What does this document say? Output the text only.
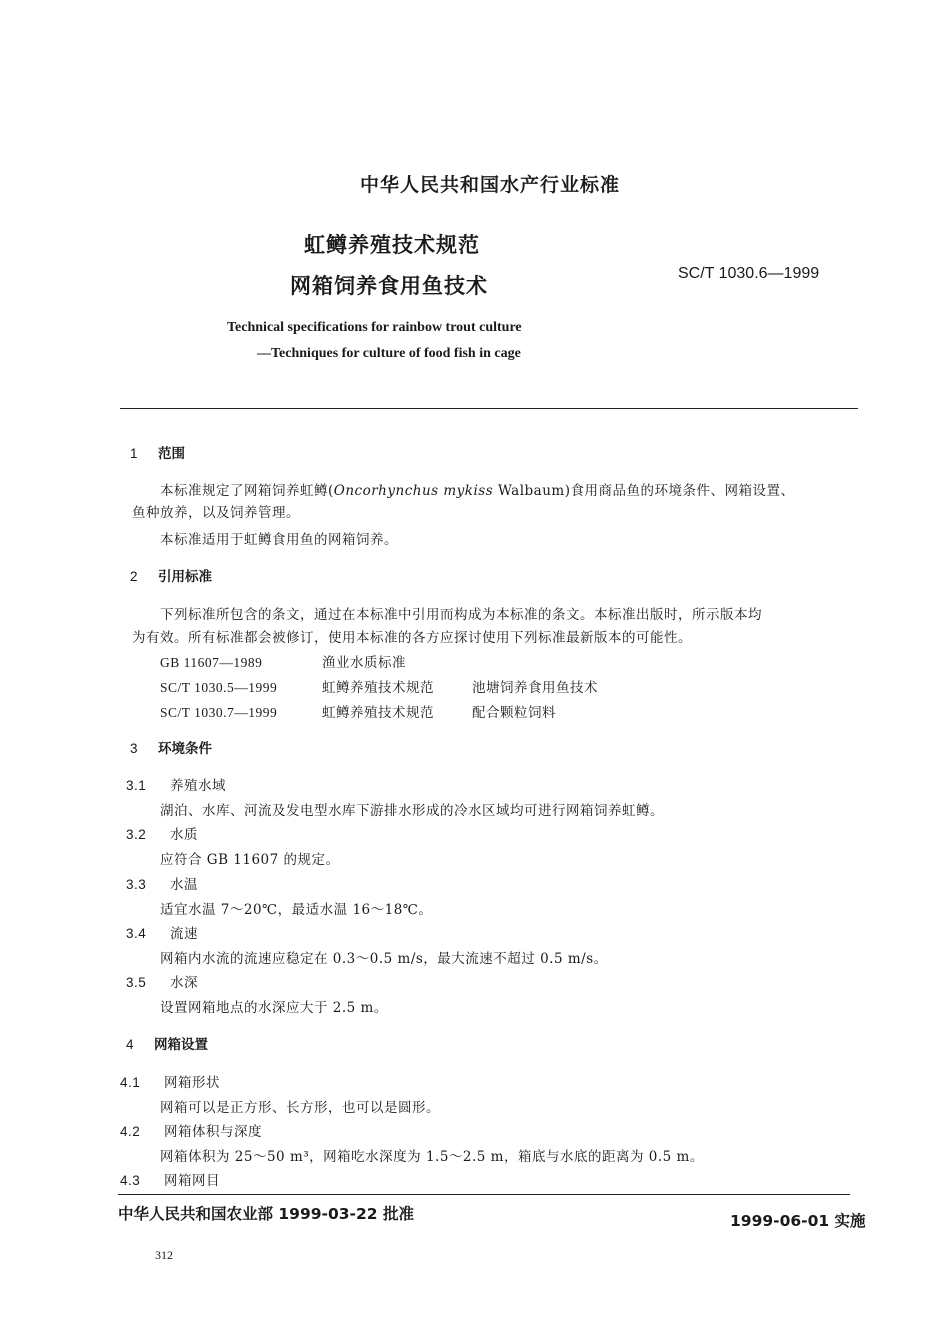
中华人民共和国水产行业标准
虹鳟养殖技术规范
网箱饲养食用鱼技术
SC/T 1030.6—1999
Technical specifications for rainbow trout culture
—Techniques for culture of food fish in cage
1 范围
本标准规定了网箱饲养虹鳟(Oncorhynchus mykiss Walbaum)食用商品鱼的环境条件、网箱设置、
鱼种放养，以及饲养管理。
本标准适用于虹鳟食用鱼的网箱饲养。
2 引用标准
下列标准所包含的条文，通过在本标准中引用而构成为本标准的条文。本标准出版时，所示版本均
为有效。所有标准都会被修订，使用本标准的各方应探讨使用下列标准最新版本的可能性。
GB 11607—1989	渔业水质标准
SC/T 1030.5—1999	虹鳟养殖技术规范	池塘饲养食用鱼技术
SC/T 1030.7—1999	虹鳟养殖技术规范	配合颗粒饲料
3 环境条件
3.1 养殖水域
湖泊、水库、河流及发电型水库下游排水形成的冷水区域均可进行网箱饲养虹鳟。
3.2 水质
应符合 GB 11607 的规定。
3.3 水温
适宜水温 7～20℃，最适水温 16～18℃。
3.4 流速
网箱内水流的流速应稳定在 0.3～0.5 m/s，最大流速不超过 0.5 m/s。
3.5 水深
设置网箱地点的水深应大于 2.5 m。
4 网箱设置
4.1 网箱形状
网箱可以是正方形、长方形，也可以是圆形。
4.2 网箱体积与深度
网箱体积为 25～50 m³，网箱吃水深度为 1.5～2.5 m，箱底与水底的距离为 0.5 m。
4.3 网箱网目
中华人民共和国农业部 1999-03-22 批准	1999-06-01 实施
312
